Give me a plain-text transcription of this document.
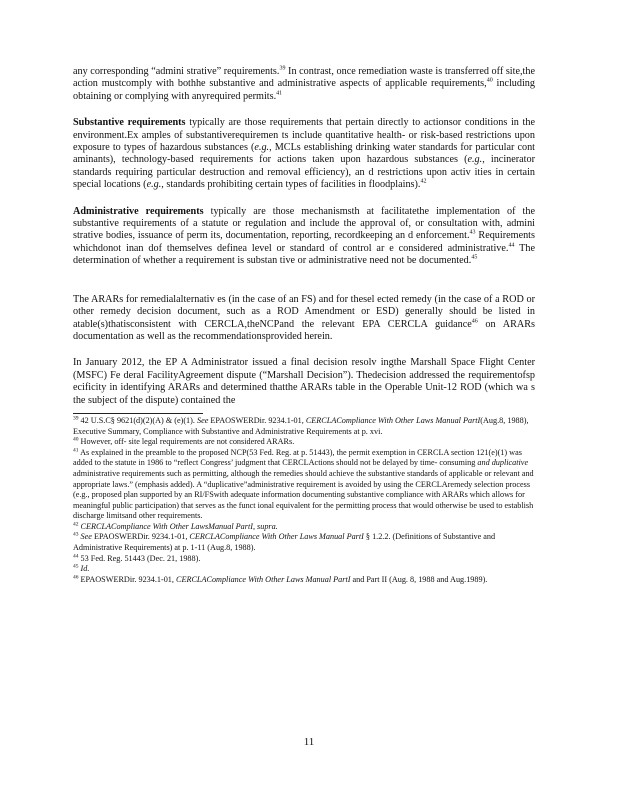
any corresponding “admini strative” requirements.$^{39}$ In contrast, once remediation waste is transferred off site,the action mustcomply with bothhe substantive and administrative aspects of applicable requirements,$^{40}$ including obtaining or complying with anyrequired permits.$^{41}$

Substantive requirements typically are those requirements that pertain directly to actionsor conditions in the environment.Ex amples of substantiverequiremen ts include quantitative health- or risk-based restrictions upon exposure to types of hazardous substances (e.g., MCLs establishing drinking water standards for particular cont aminants), technology-based requirements for actions taken upon hazardous substances (e.g., incinerator standards requiring particular destruction and removal efficiency), an d restrictions upon activ ities in certain special locations (e.g., standards prohibiting certain types of facilities in floodplains).$^{42}$

Administrative requirements typically are those mechanismsth at facilitatethe implementation of the substantive requirements of a statute or regulation and include the approval of, or consultation with, admini strative bodies, issuance of perm its, documentation, reporting, recordkeeping an d enforcement.$^{43}$ Requirements whichdonot inan dof themselves definea level or standard of control ar e considered administrative.$^{44}$ The determination of whether a requirement is substan tive or administrative need not be documented.$^{45}$

The ARARs for remedialalternativ es (in the case of an FS) and for thesel ected remedy (in the case of a ROD or other remedy decision document, such as a ROD Amendment or ESD) generally should be listed in atable(s)thatisconsistent with CERCLA,theNCPand the relevant EPA CERCLA guidance$^{46}$ on ARARs documentation as well as the recommendationsprovided herein.

In January 2012, the EP A Administrator issued a final decision resolv ingthe Marshall Space Flight Center (MSFC) Fe deral FacilityAgreement dispute (“Marshall Decision”). Thedecision addressed the requirementofsp ecificity in identifying ARARs and determined thatthe ARARs table in the Operable Unit-12 ROD (which wa s the subject of the dispute) contained the

$^{39}$ 42 U.S.C§ 9621(d)(2)(A) & (e)(1). See EPAOSWERDir. 9234.1-01, CERCLACompliance With Other Laws Manual PartI(Aug.8, 1988), Executive Summary, Compliance with Substantive and Administrative Requirements at p. xvi.

$^{40}$ However, off- site legal requirements are not considered ARARs.

$^{41}$ As explained in the preamble to the proposed NCP(53 Fed. Reg. at p. 51443), the permit exemption in CERCLA section 121(e)(1) was added to the statute in 1986 to “reflect Congress’ judgment that CERCLActions should not be delayed by time- consuming and duplicative administrative requirements such as permitting, although the remedies should achieve the substantive standards of applicable or relevant and appropriate laws.” (emphasis added). A “duplicative”administrative requirement is avoided by using the CERCLAremedy selection process (e.g., proposed plan supported by an RI/FSwith adequate information documenting substantive compliance with ARARs which allows for meaningful public participation) that serves as the funct ional equivalent for the permitting process that would otherwise be used to establish discharge limitsand other requirements.

$^{42}$ CERCLACompliance With Other LawsManual PartI, supra.

$^{43}$ See EPAOSWERDir. 9234.1-01, CERCLACompliance With Other Laws Manual PartI § 1.2.2. (Definitions of Substantive and Administrative Requirements) at p. 1-11 (Aug.8, 1988).

$^{44}$ 53 Fed. Reg. 51443 (Dec. 21, 1988).

$^{45}$ Id.

$^{46}$ EPAOSWERDir. 9234.1-01, CERCLACompliance With Other Laws Manual PartI and Part II (Aug. 8, 1988 and Aug.1989).

11
